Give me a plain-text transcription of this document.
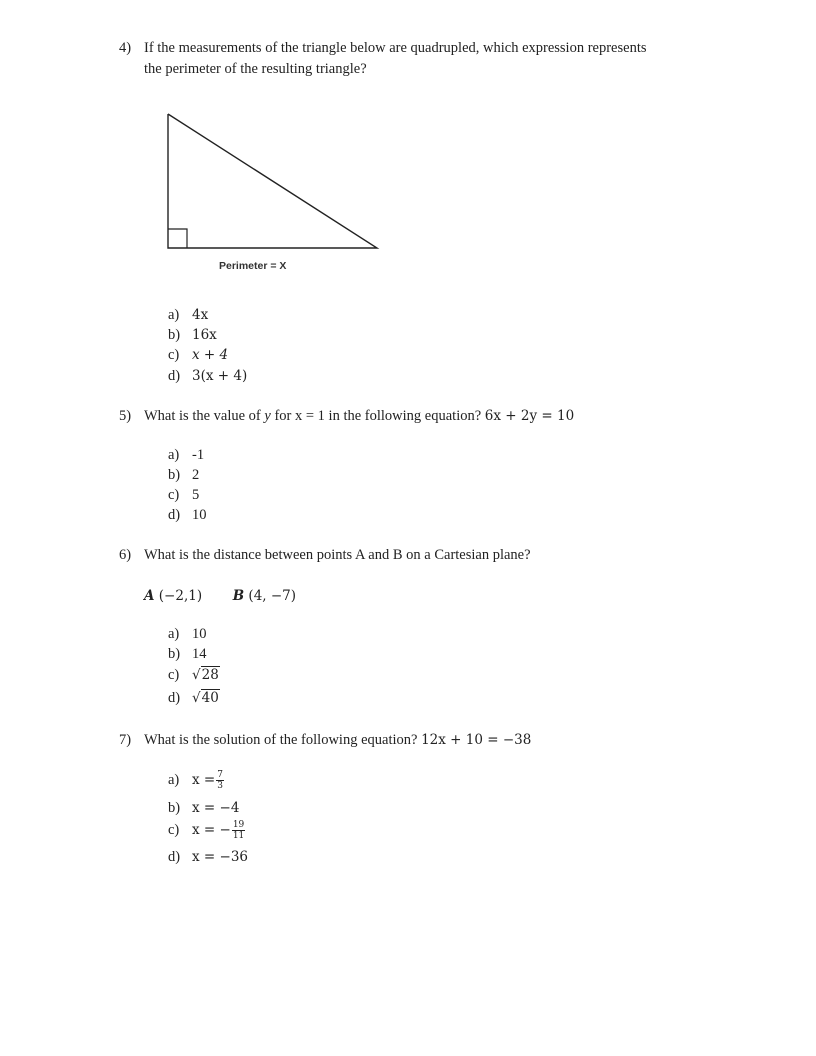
4) If the measurements of the triangle below are quadrupled, which expression represents
the perimeter of the resulting triangle?
Perimeter = X
a) 4x
b) 16x
c) x + 4
d) 3(x + 4)
5) What is the value of y for x = 1 in the following equation? 6x + 2y = 10
a) -1
b) 2
c) 5
d) 10
6) What is the distance between points A and B on a Cartesian plane?
A (−2,1) B (4, −7)
a) 10
b) 14
c) √28
d) √40
7) What is the solution of the following equation? 12x + 10 = −38
a) $x = \frac{7}{3}$
b) x = −4
c) x = − $\frac{19}{11}$
d) x = −36
